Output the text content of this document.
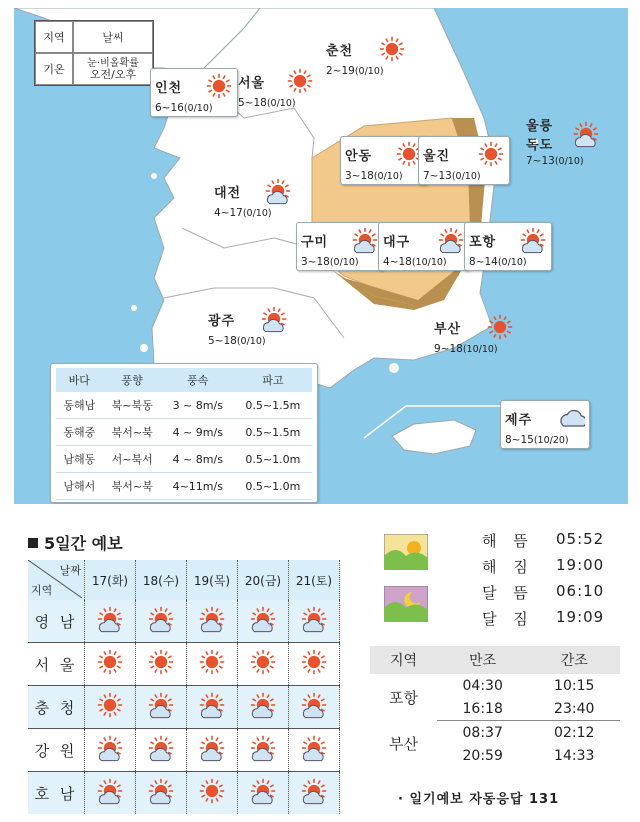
지역	날씨
기온	눈·비올확률
오전/오후
춘천
2~19(0/10)
인천
6~16(0/10)
서울
5~18(0/10)
울릉
독도
7~13(0/10)
안동
3~18(0/10)
울진
7~13(0/10)
대전
4~17(0/10)
구미
3~18(0/10)
대구
4~18(10/10)
포항
8~14(0/10)
광주
5~18(0/10)
부산
9~18(10/10)
제주
8~15(10/20)
바다	풍향	풍속	파고
동해남	북~북동	3 ~ 8m/s	0.5~1.5m
동해중	북서~북	4 ~ 9m/s	0.5~1.5m
남해동	서~북서	4 ~ 8m/s	0.5~1.0m
남해서	북서~북	4~11m/s	0.5~1.0m
5일간 예보
날짜
지역	17(화)	18(수)	19(목)	20(금)	21(토)
영 남					
서 울					
충 청					
강 원					
호 남					
해 뜸 05:52
해 짐 19:00
달 뜸 06:10
달 짐 19:09
지역	만조	간조
포항	04:30	10:15
	16:18	23:40
부산	08:37	02:12
	20:59	14:33
· 일기예보 자동응답 131
